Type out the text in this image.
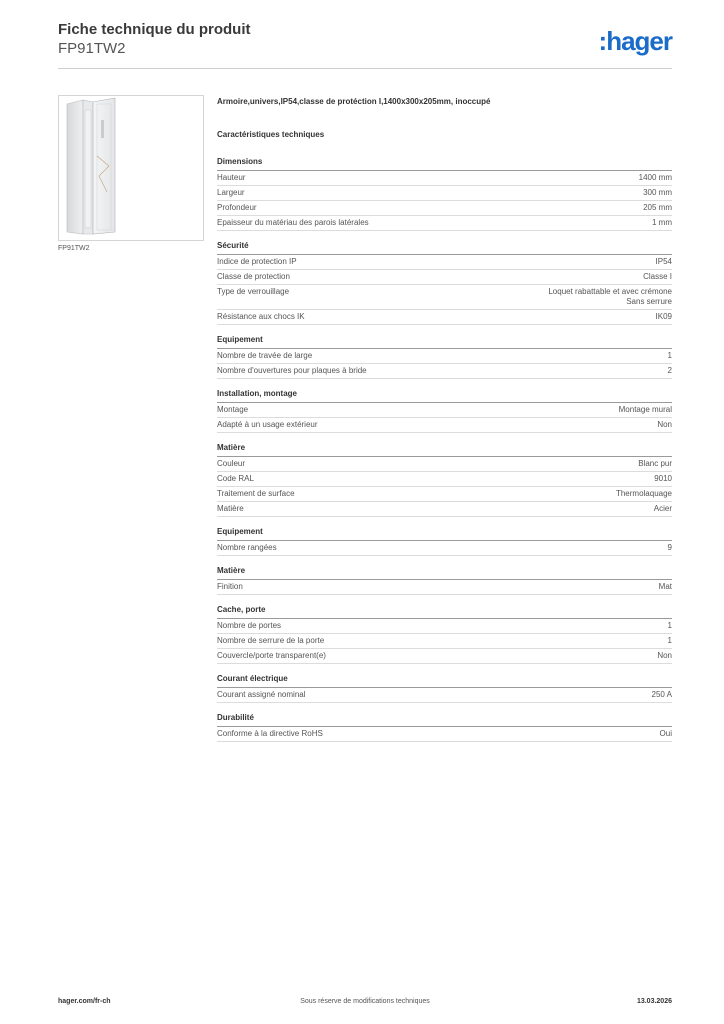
Fiche technique du produit
FP91TW2	:hager
FP91TW2
Armoire,univers,IP54,classe de protéction I,1400x300x205mm, inoccupé
Caractéristiques techniques
Dimensions
Hauteur	1400 mm
Largeur	300 mm
Profondeur	205 mm
Epaisseur du matériau des parois latérales	1 mm
Sécurité
Indice de protection IP	IP54
Classe de protection	Classe I
Type de verrouillage	Loquet rabattable et avec crémone
Sans serrure
Résistance aux chocs IK	IK09
Equipement
Nombre de travée de large	1
Nombre d'ouvertures pour plaques à bride	2
Installation, montage
Montage	Montage mural
Adapté à un usage extérieur	Non
Matière
Couleur	Blanc pur
Code RAL	9010
Traitement de surface	Thermolaquage
Matière	Acier
Equipement
Nombre rangées	9
Matière
Finition	Mat
Cache, porte
Nombre de portes	1
Nombre de serrure de la porte	1
Couvercle/porte transparent(e)	Non
Courant électrique
Courant assigné nominal	250 A
Durabilité
Conforme à la directive RoHS	Oui
hager.com/fr-ch	Sous réserve de modifications techniques	13.03.2026
